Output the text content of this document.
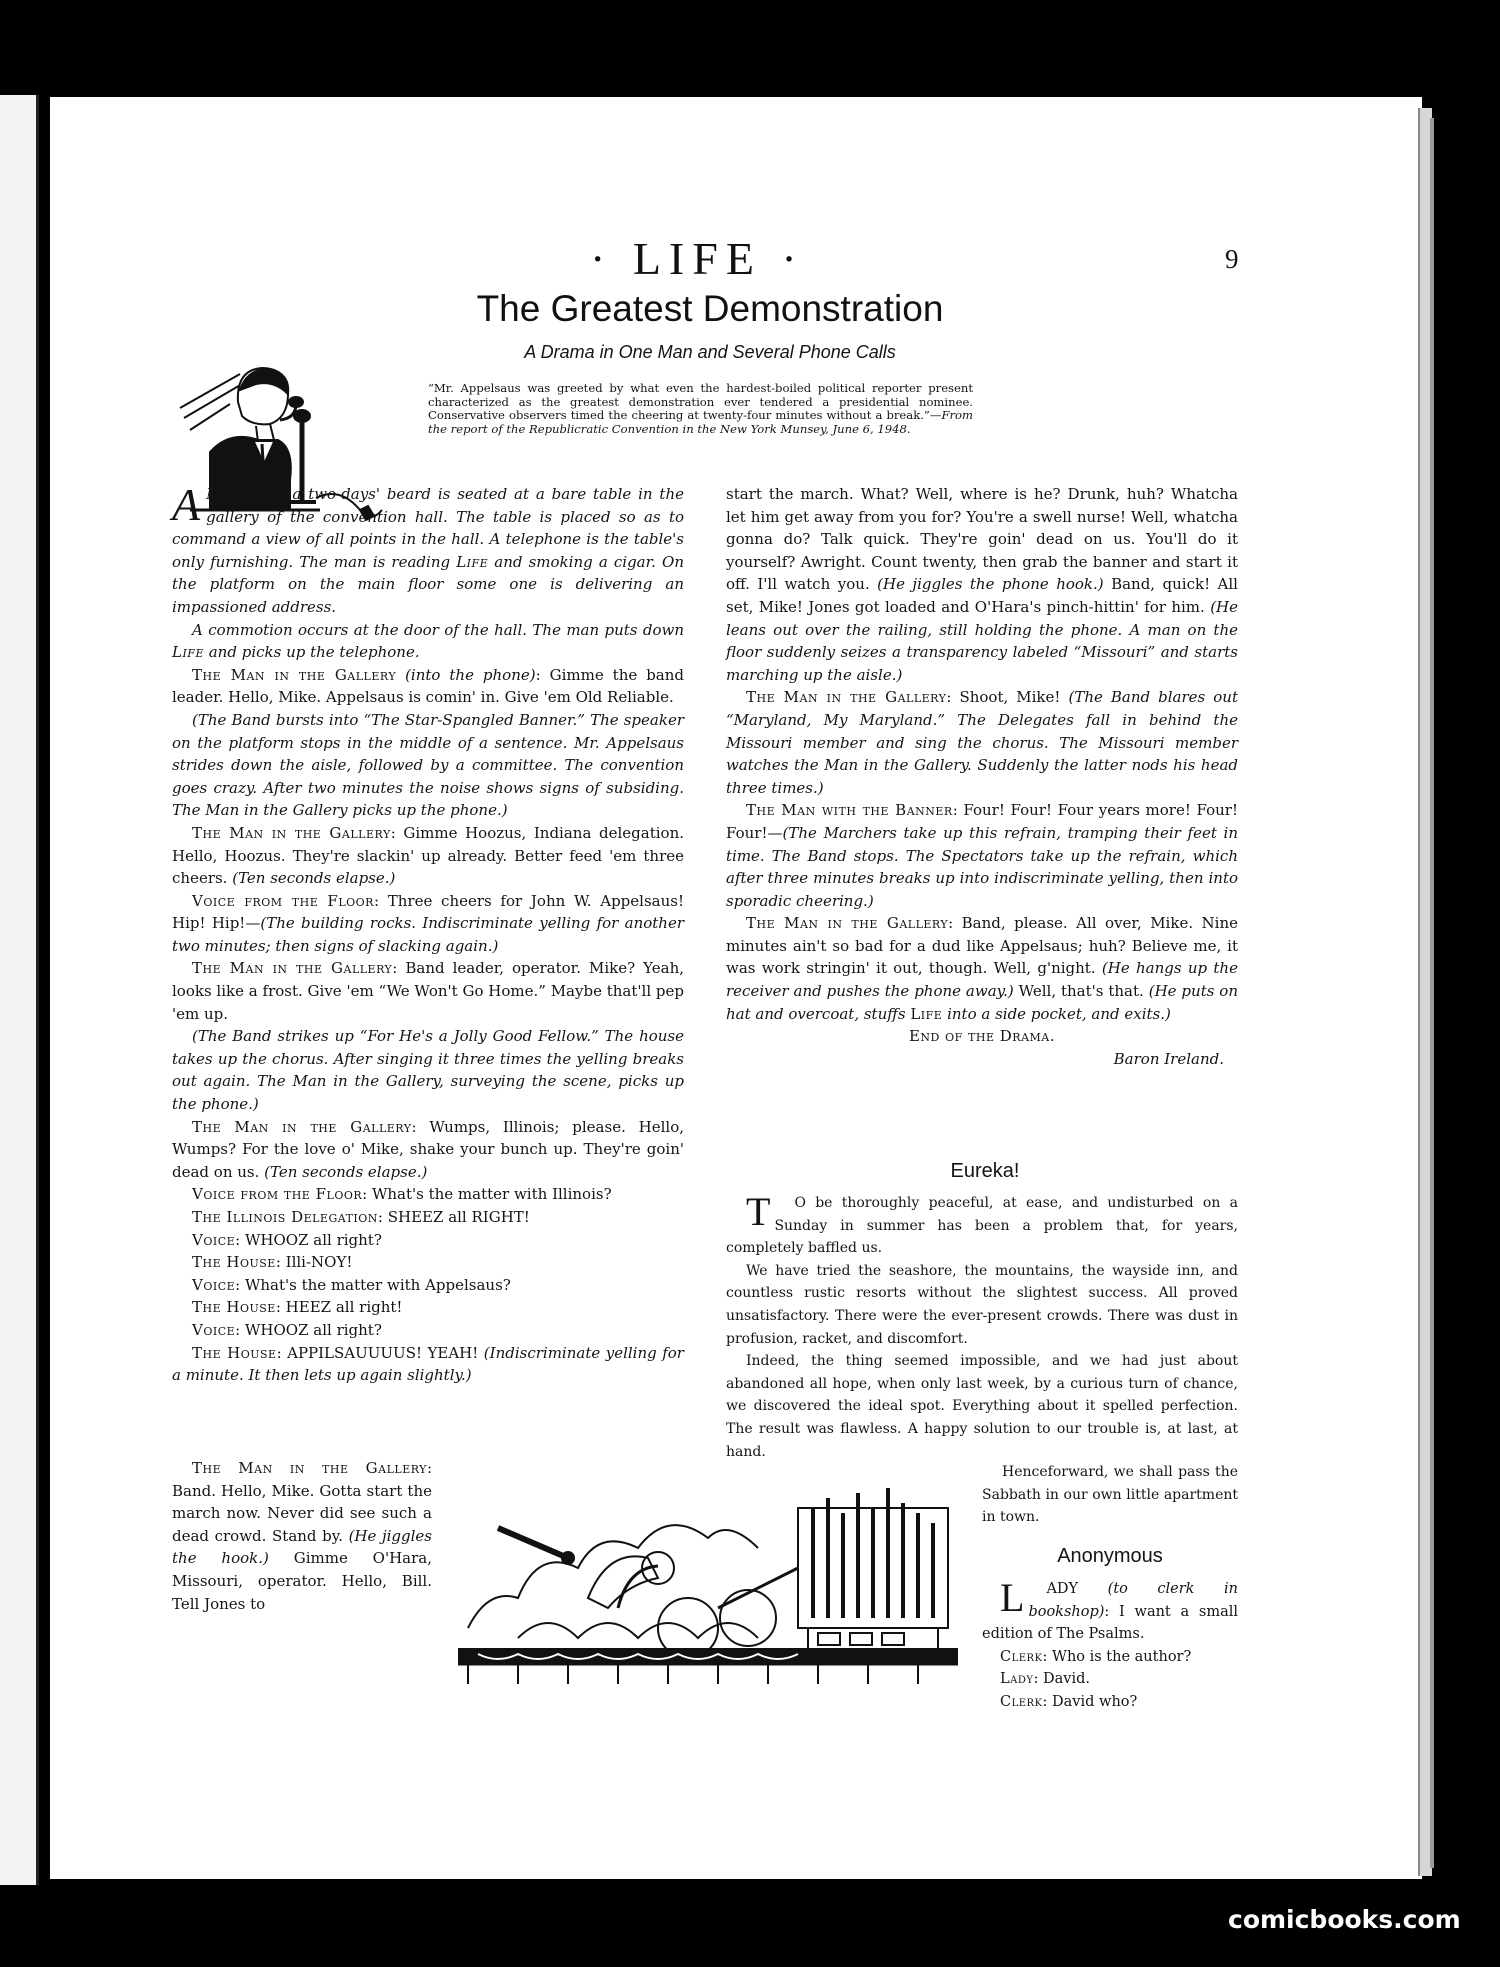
· LIFE ·	9
The Greatest Demonstration
A Drama in One Man and Several Phone Calls
“Mr. Appelsaus was greeted by what even the hardest-boiled political reporter present characterized as the greatest demonstration ever tendered a presidential nominee. Conservative observers timed the cheering at twenty-four minutes without a break.”—From the report of the Republicratic Convention in the New York Munsey, June 6, 1948.

A MAN with a two-days' beard is seated at a bare table in the gallery of the convention hall. The table is placed so as to command a view of all points in the hall. A telephone is the table's only furnishing. The man is reading Life and smoking a cigar. On the platform on the main floor some one is delivering an impassioned address.

A commotion occurs at the door of the hall. The man puts down Life and picks up the telephone.

The Man in the Gallery (into the phone): Gimme the band leader. Hello, Mike. Appelsaus is comin' in. Give 'em Old Reliable.

(The Band bursts into “The Star-Spangled Banner.” The speaker on the platform stops in the middle of a sentence. Mr. Appelsaus strides down the aisle, followed by a committee. The convention goes crazy. After two minutes the noise shows signs of subsiding. The Man in the Gallery picks up the phone.)

The Man in the Gallery: Gimme Hoozus, Indiana delegation. Hello, Hoozus. They're slackin' up already. Better feed 'em three cheers. (Ten seconds elapse.)

Voice from the Floor: Three cheers for John W. Appelsaus! Hip! Hip!—(The building rocks. Indiscriminate yelling for another two minutes; then signs of slacking again.)

The Man in the Gallery: Band leader, operator. Mike? Yeah, looks like a frost. Give 'em “We Won't Go Home.” Maybe that'll pep 'em up.

(The Band strikes up “For He's a Jolly Good Fellow.” The house takes up the chorus. After singing it three times the yelling breaks out again. The Man in the Gallery, surveying the scene, picks up the phone.)

The Man in the Gallery: Wumps, Illinois; please. Hello, Wumps? For the love o' Mike, shake your bunch up. They're goin' dead on us. (Ten seconds elapse.)

Voice from the Floor: What's the matter with Illinois?

The Illinois Delegation: SHEEZ all RIGHT!

Voice: WHOOZ all right?

The House: Illi-NOY!

Voice: What's the matter with Appelsaus?

The House: HEEZ all right!

Voice: WHOOZ all right?

The House: APPILSAUUUUS! YEAH! (Indiscriminate yelling for a minute. It then lets up again slightly.)

The Man in the Gallery: Band. Hello, Mike. Gotta start the march now. Never did see such a dead crowd. Stand by. (He jiggles the hook.) Gimme O'Hara, Missouri, operator. Hello, Bill. Tell Jones to

start the march. What? Well, where is he? Drunk, huh? Whatcha let him get away from you for? You're a swell nurse! Well, whatcha gonna do? Talk quick. They're goin' dead on us. You'll do it yourself? Awright. Count twenty, then grab the banner and start it off. I'll watch you. (He jiggles the phone hook.) Band, quick! All set, Mike! Jones got loaded and O'Hara's pinch-hittin' for him. (He leans out over the railing, still holding the phone. A man on the floor suddenly seizes a transparency labeled “Missouri” and starts marching up the aisle.)

The Man in the Gallery: Shoot, Mike! (The Band blares out “Maryland, My Maryland.” The Delegates fall in behind the Missouri member and sing the chorus. The Missouri member watches the Man in the Gallery. Suddenly the latter nods his head three times.)

The Man with the Banner: Four! Four! Four years more! Four! Four!—(The Marchers take up this refrain, tramping their feet in time. The Band stops. The Spectators take up the refrain, which after three minutes breaks up into indiscriminate yelling, then into sporadic cheering.)

The Man in the Gallery: Band, please. All over, Mike. Nine minutes ain't so bad for a dud like Appelsaus; huh? Believe me, it was work stringin' it out, though. Well, g'night. (He hangs up the receiver and pushes the phone away.) Well, that's that. (He puts on hat and overcoat, stuffs Life into a side pocket, and exits.)

End of the Drama.

Baron Ireland.

Eureka!

T O be thoroughly peaceful, at ease, and undisturbed on a Sunday in summer has been a problem that, for years, completely baffled us.

We have tried the seashore, the mountains, the wayside inn, and countless rustic resorts without the slightest success. All proved unsatisfactory. There were the ever-present crowds. There was dust in profusion, racket, and discomfort.

Indeed, the thing seemed impossible, and we had just about abandoned all hope, when only last week, by a curious turn of chance, we discovered the ideal spot. Everything about it spelled perfection. The result was flawless. A happy solution to our trouble is, at last, at hand.

Henceforward, we shall pass the Sabbath in our own little apartment in town.

Anonymous

L ADY (to clerk in bookshop): I want a small edition of The Psalms.

Clerk: Who is the author?

Lady: David.

Clerk: David who?

comicbooks.com
